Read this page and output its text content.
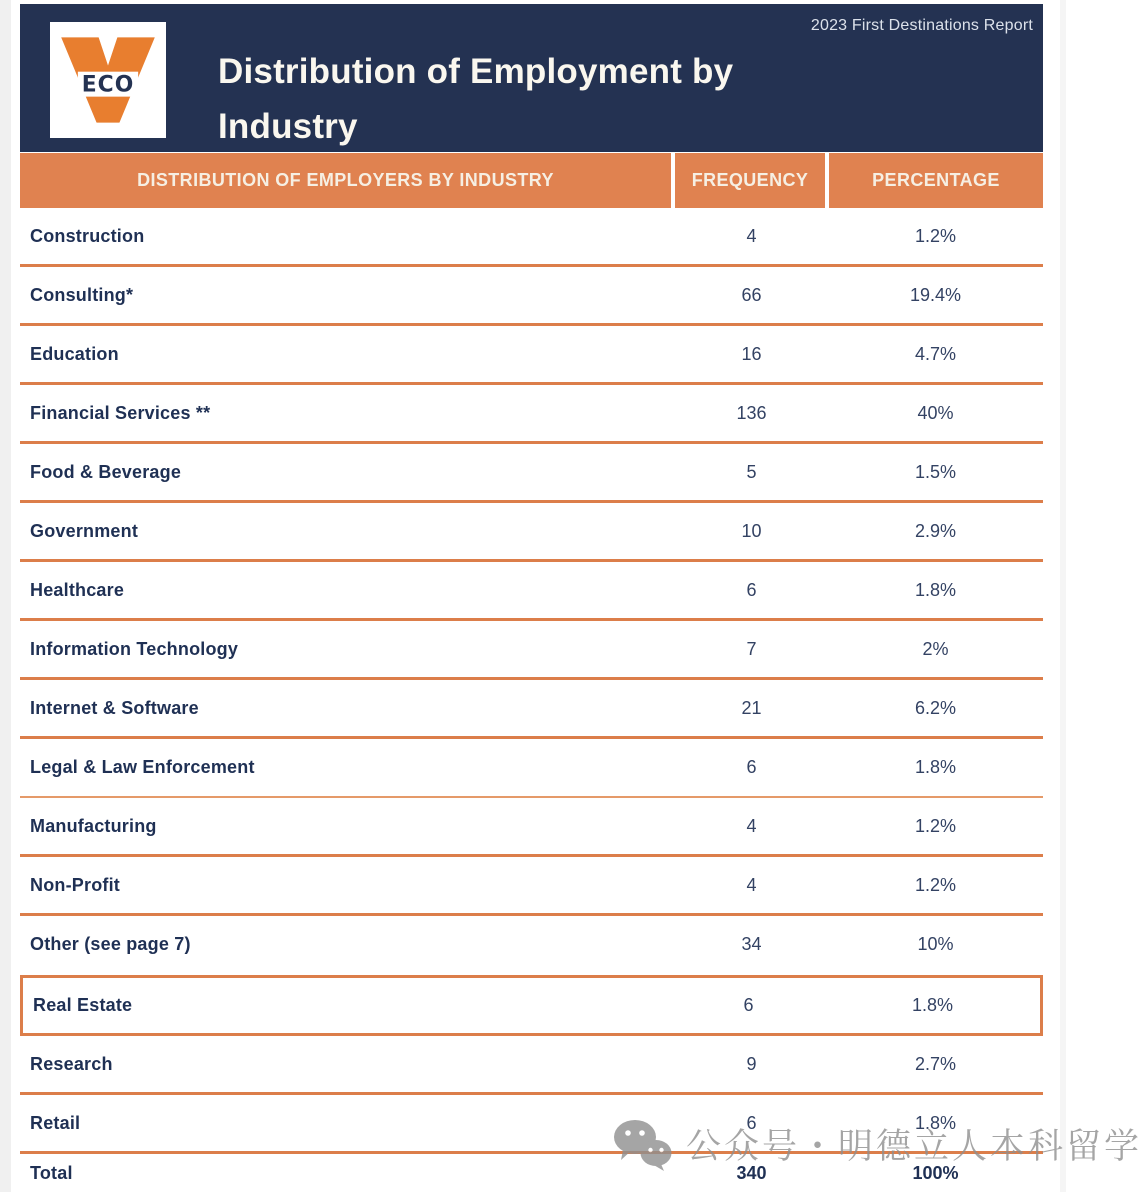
ECO Distribution of Employment by
Industry
2023 First Destinations Report
DISTRIBUTION OF EMPLOYERS BY INDUSTRY	FREQUENCY	PERCENTAGE
Construction	4	1.2%
Consulting*	66	19.4%
Education	16	4.7%
Financial Services **	136	40%
Food & Beverage	5	1.5%
Government	10	2.9%
Healthcare	6	1.8%
Information Technology	7	2%
Internet & Software	21	6.2%
Legal & Law Enforcement	6	1.8%
Manufacturing	4	1.2%
Non-Profit	4	1.2%
Other (see page 7)	34	10%
Real Estate	6	1.8%
Research	9	2.7%
Retail	6	1.8%
Total	340	100%
公众号・明德立人本科留学
